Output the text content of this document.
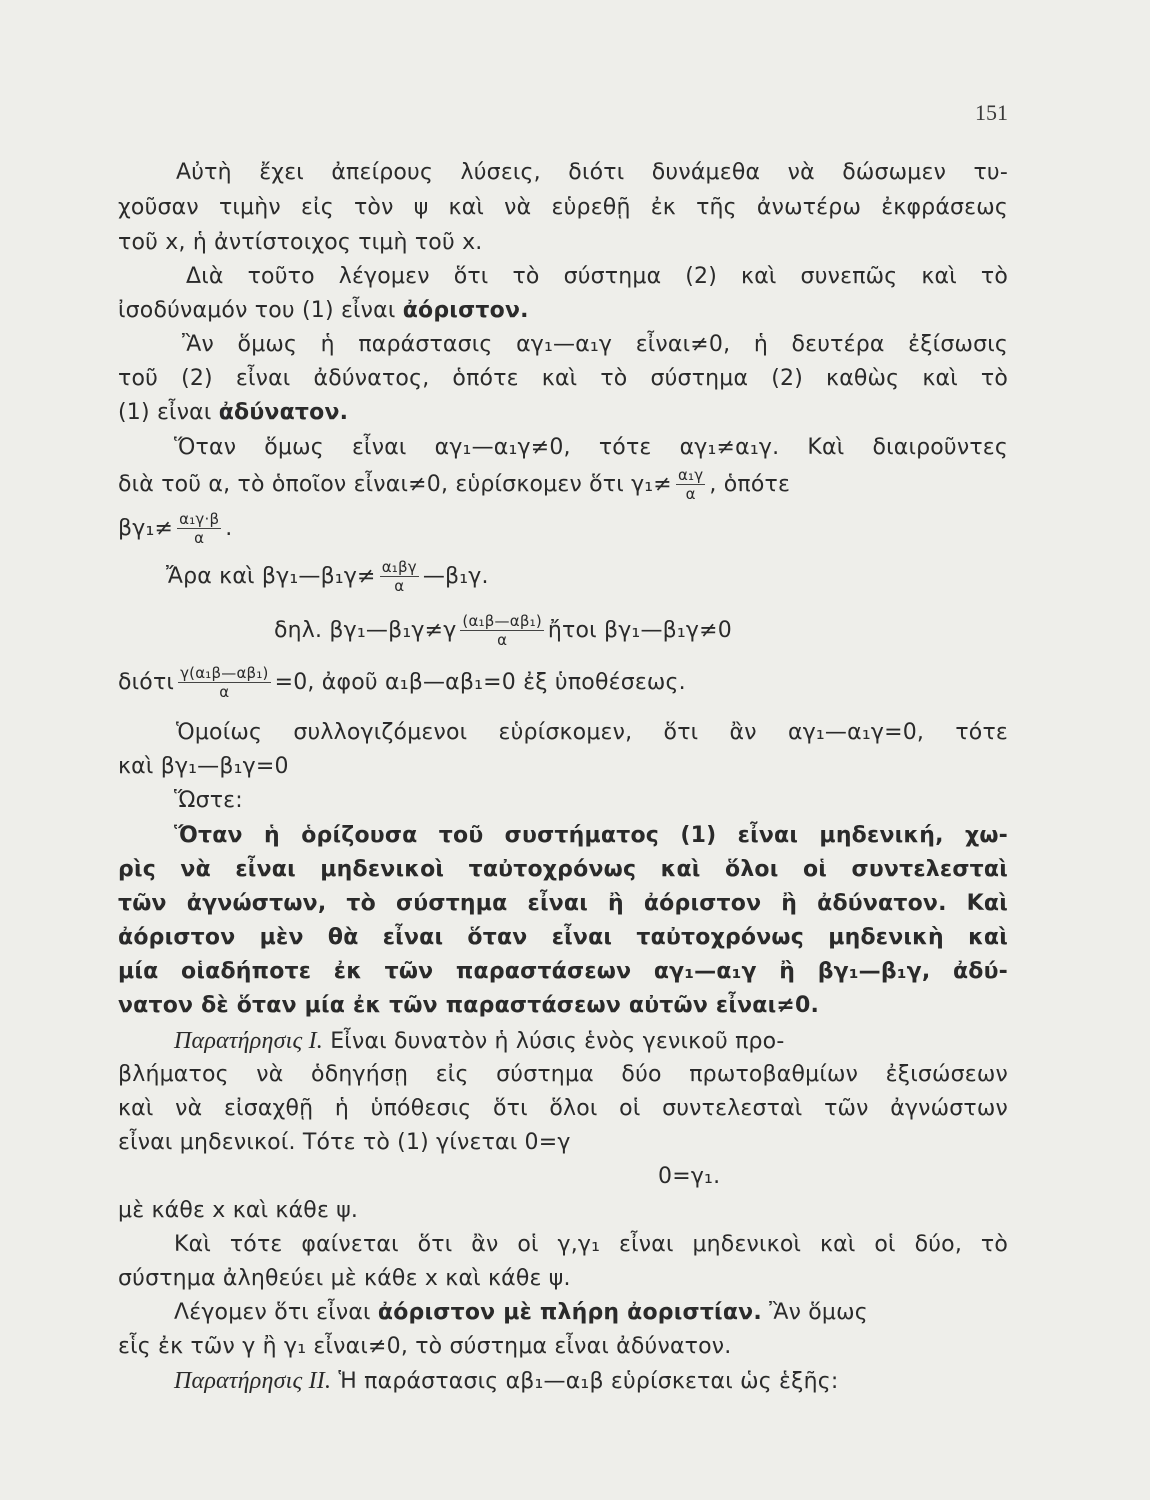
151
Αὐτὴ ἔχει ἀπείρους λύσεις, διότι δυνάμεθα νὰ δώσωμεν τυ-
χοῦσαν τιμὴν εἰς τὸν ψ καὶ νὰ εὑρεθῇ ἐκ τῆς ἀνωτέρω ἐκφράσεως
τοῦ x, ἡ ἀντίστοιχος τιμὴ τοῦ x.
Διὰ τοῦτο λέγομεν ὅτι τὸ σύστημα (2) καὶ συνεπῶς καὶ τὸ
ἰσοδύναμόν του (1) εἶναι ἀόριστον.
Ἂν ὅμως ἡ παράστασις αγ₁—α₁γ εἶναι≠0, ἡ δευτέρα ἐξίσωσις
τοῦ (2) εἶναι ἀδύνατος, ὁπότε καὶ τὸ σύστημα (2) καθὼς καὶ τὸ
(1) εἶναι ἀδύνατον.
Ὅταν ὅμως εἶναι αγ₁—α₁γ≠0, τότε αγ₁≠α₁γ. Καὶ διαιροῦντες
διὰ τοῦ α, τὸ ὁποῖον εἶναι≠0, εὑρίσκομεν ὅτι $\gamma_1\ne \frac{\text{α₁γ}}{\alpha}$ , ὁπότε
$\beta\gamma_1\ne \frac{\text{α₁γ·β}}{\alpha}$ .
Ἄρα καὶ βγ₁—β₁γ≠ $\frac{\text{α₁βγ}}{\alpha}$ —β₁γ.
δηλ. βγ₁—β₁γ≠γ $\frac{\text{(α₁β—αβ₁)}}{\alpha}$ ἤτοι βγ₁—β₁γ≠0
διότι $\frac{\text{γ(α₁β—αβ₁)}}{\alpha} =0$, ἀφοῦ α₁β—αβ₁=0 ἐξ ὑποθέσεως.
Ὁμοίως συλλογιζόμενοι εὑρίσκομεν, ὅτι ἂν αγ₁—α₁γ=0, τότε
καὶ βγ₁—β₁γ=0
Ὥστε:
Ὅταν ἡ ὁρίζουσα τοῦ συστήματος (1) εἶναι μηδενική, χω-
ρὶς νὰ εἶναι μηδενικοὶ ταὐτοχρόνως καὶ ὅλοι οἱ συντελεσταὶ
τῶν ἀγνώστων, τὸ σύστημα εἶναι ἢ ἀόριστον ἢ ἀδύνατον. Καὶ
ἀόριστον μὲν θὰ εἶναι ὅταν εἶναι ταὐτοχρόνως μηδενικὴ καὶ
μία οἱαδήποτε ἐκ τῶν παραστάσεων αγ₁—α₁γ ἢ βγ₁—β₁γ, ἀδύ-
νατον δὲ ὅταν μία ἐκ τῶν παραστάσεων αὐτῶν εἶναι≠0.
Παρατήρησις Ι. Εἶναι δυνατὸν ἡ λύσις ἑνὸς γενικοῦ προ-
βλήματος νὰ ὁδηγήσῃ εἰς σύστημα δύο πρωτοβαθμίων ἐξισώσεων
καὶ νὰ εἰσαχθῇ ἡ ὑπόθεσις ὅτι ὅλοι οἱ συντελεσταὶ τῶν ἀγνώστων
εἶναι μηδενικοί. Τότε τὸ (1) γίνεται 0=γ
0=γ₁.
μὲ κάθε x καὶ κάθε ψ.
Καὶ τότε φαίνεται ὅτι ἂν οἱ γ,γ₁ εἶναι μηδενικοὶ καὶ οἱ δύο, τὸ
σύστημα ἀληθεύει μὲ κάθε x καὶ κάθε ψ.
Λέγομεν ὅτι εἶναι ἀόριστον μὲ πλήρη ἀοριστίαν. Ἂν ὅμως
εἷς ἐκ τῶν γ ἢ γ₁ εἶναι≠0, τὸ σύστημα εἶναι ἀδύνατον.
Παρατήρησις ΙΙ. Ἡ παράστασις αβ₁—α₁β εὑρίσκεται ὡς ἑξῆς:
